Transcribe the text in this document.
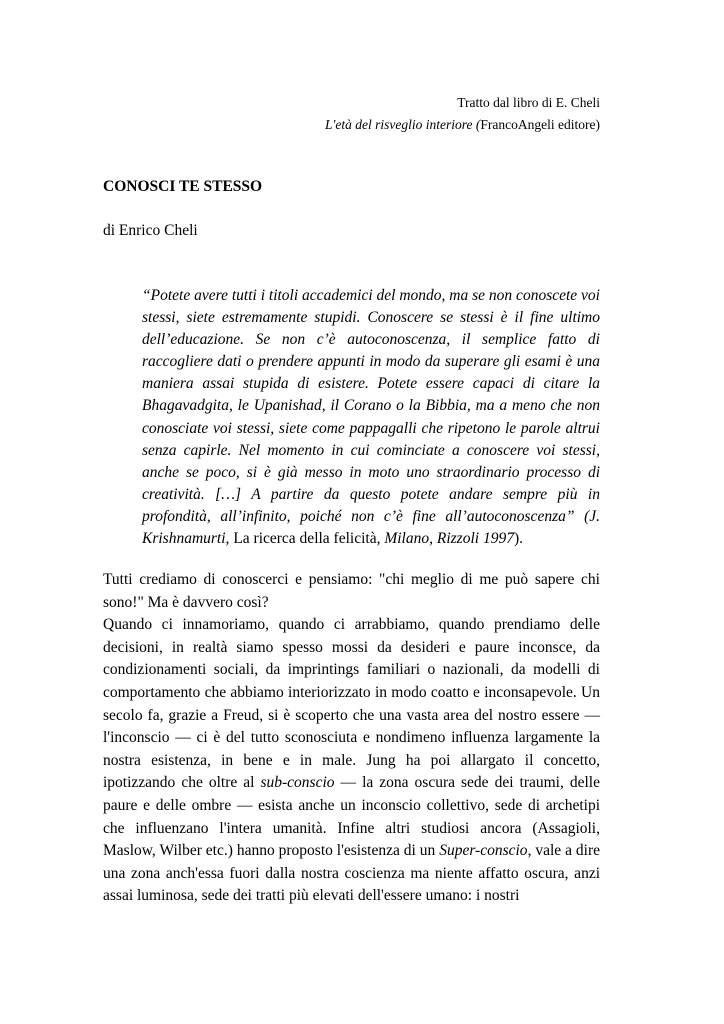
Tratto dal libro di E. Cheli
L'età del risveglio interiore (FrancoAngeli editore)
CONOSCI TE STESSO

di Enrico Cheli

“Potete avere tutti i titoli accademici del mondo, ma se non conoscete voi stessi, siete estremamente stupidi. Conoscere se stessi è il fine ultimo dell’educazione. Se non c’è autoconoscenza, il semplice fatto di raccogliere dati o prendere appunti in modo da superare gli esami è una maniera assai stupida di esistere. Potete essere capaci di citare la Bhagavadgita, le Upanishad, il Corano o la Bibbia, ma a meno che non conosciate voi stessi, siete come pappagalli che ripetono le parole altrui senza capirle. Nel momento in cui cominciate a conoscere voi stessi, anche se poco, si è già messo in moto uno straordinario processo di creatività. […] A partire da questo potete andare sempre più in profondità, all’infinito, poiché non c’è fine all’autoconoscenza” (J. Krishnamurti, La ricerca della felicità, Milano, Rizzoli 1997).

Tutti crediamo di conoscerci e pensiamo: "chi meglio di me può sapere chi sono!" Ma è davvero così?

Quando ci innamoriamo, quando ci arrabbiamo, quando prendiamo delle decisioni, in realtà siamo spesso mossi da desideri e paure inconsce, da condizionamenti sociali, da imprintings familiari o nazionali, da modelli di comportamento che abbiamo interiorizzato in modo coatto e inconsapevole. Un secolo fa, grazie a Freud, si è scoperto che una vasta area del nostro essere — l'inconscio — ci è del tutto sconosciuta e nondimeno influenza largamente la nostra esistenza, in bene e in male. Jung ha poi allargato il concetto, ipotizzando che oltre al sub-conscio — la zona oscura sede dei traumi, delle paure e delle ombre — esista anche un inconscio collettivo, sede di archetipi che influenzano l'intera umanità. Infine altri studiosi ancora (Assagioli, Maslow, Wilber etc.) hanno proposto l'esistenza di un Super-conscio, vale a dire una zona anch'essa fuori dalla nostra coscienza ma niente affatto oscura, anzi assai luminosa, sede dei tratti più elevati dell'essere umano: i nostri
